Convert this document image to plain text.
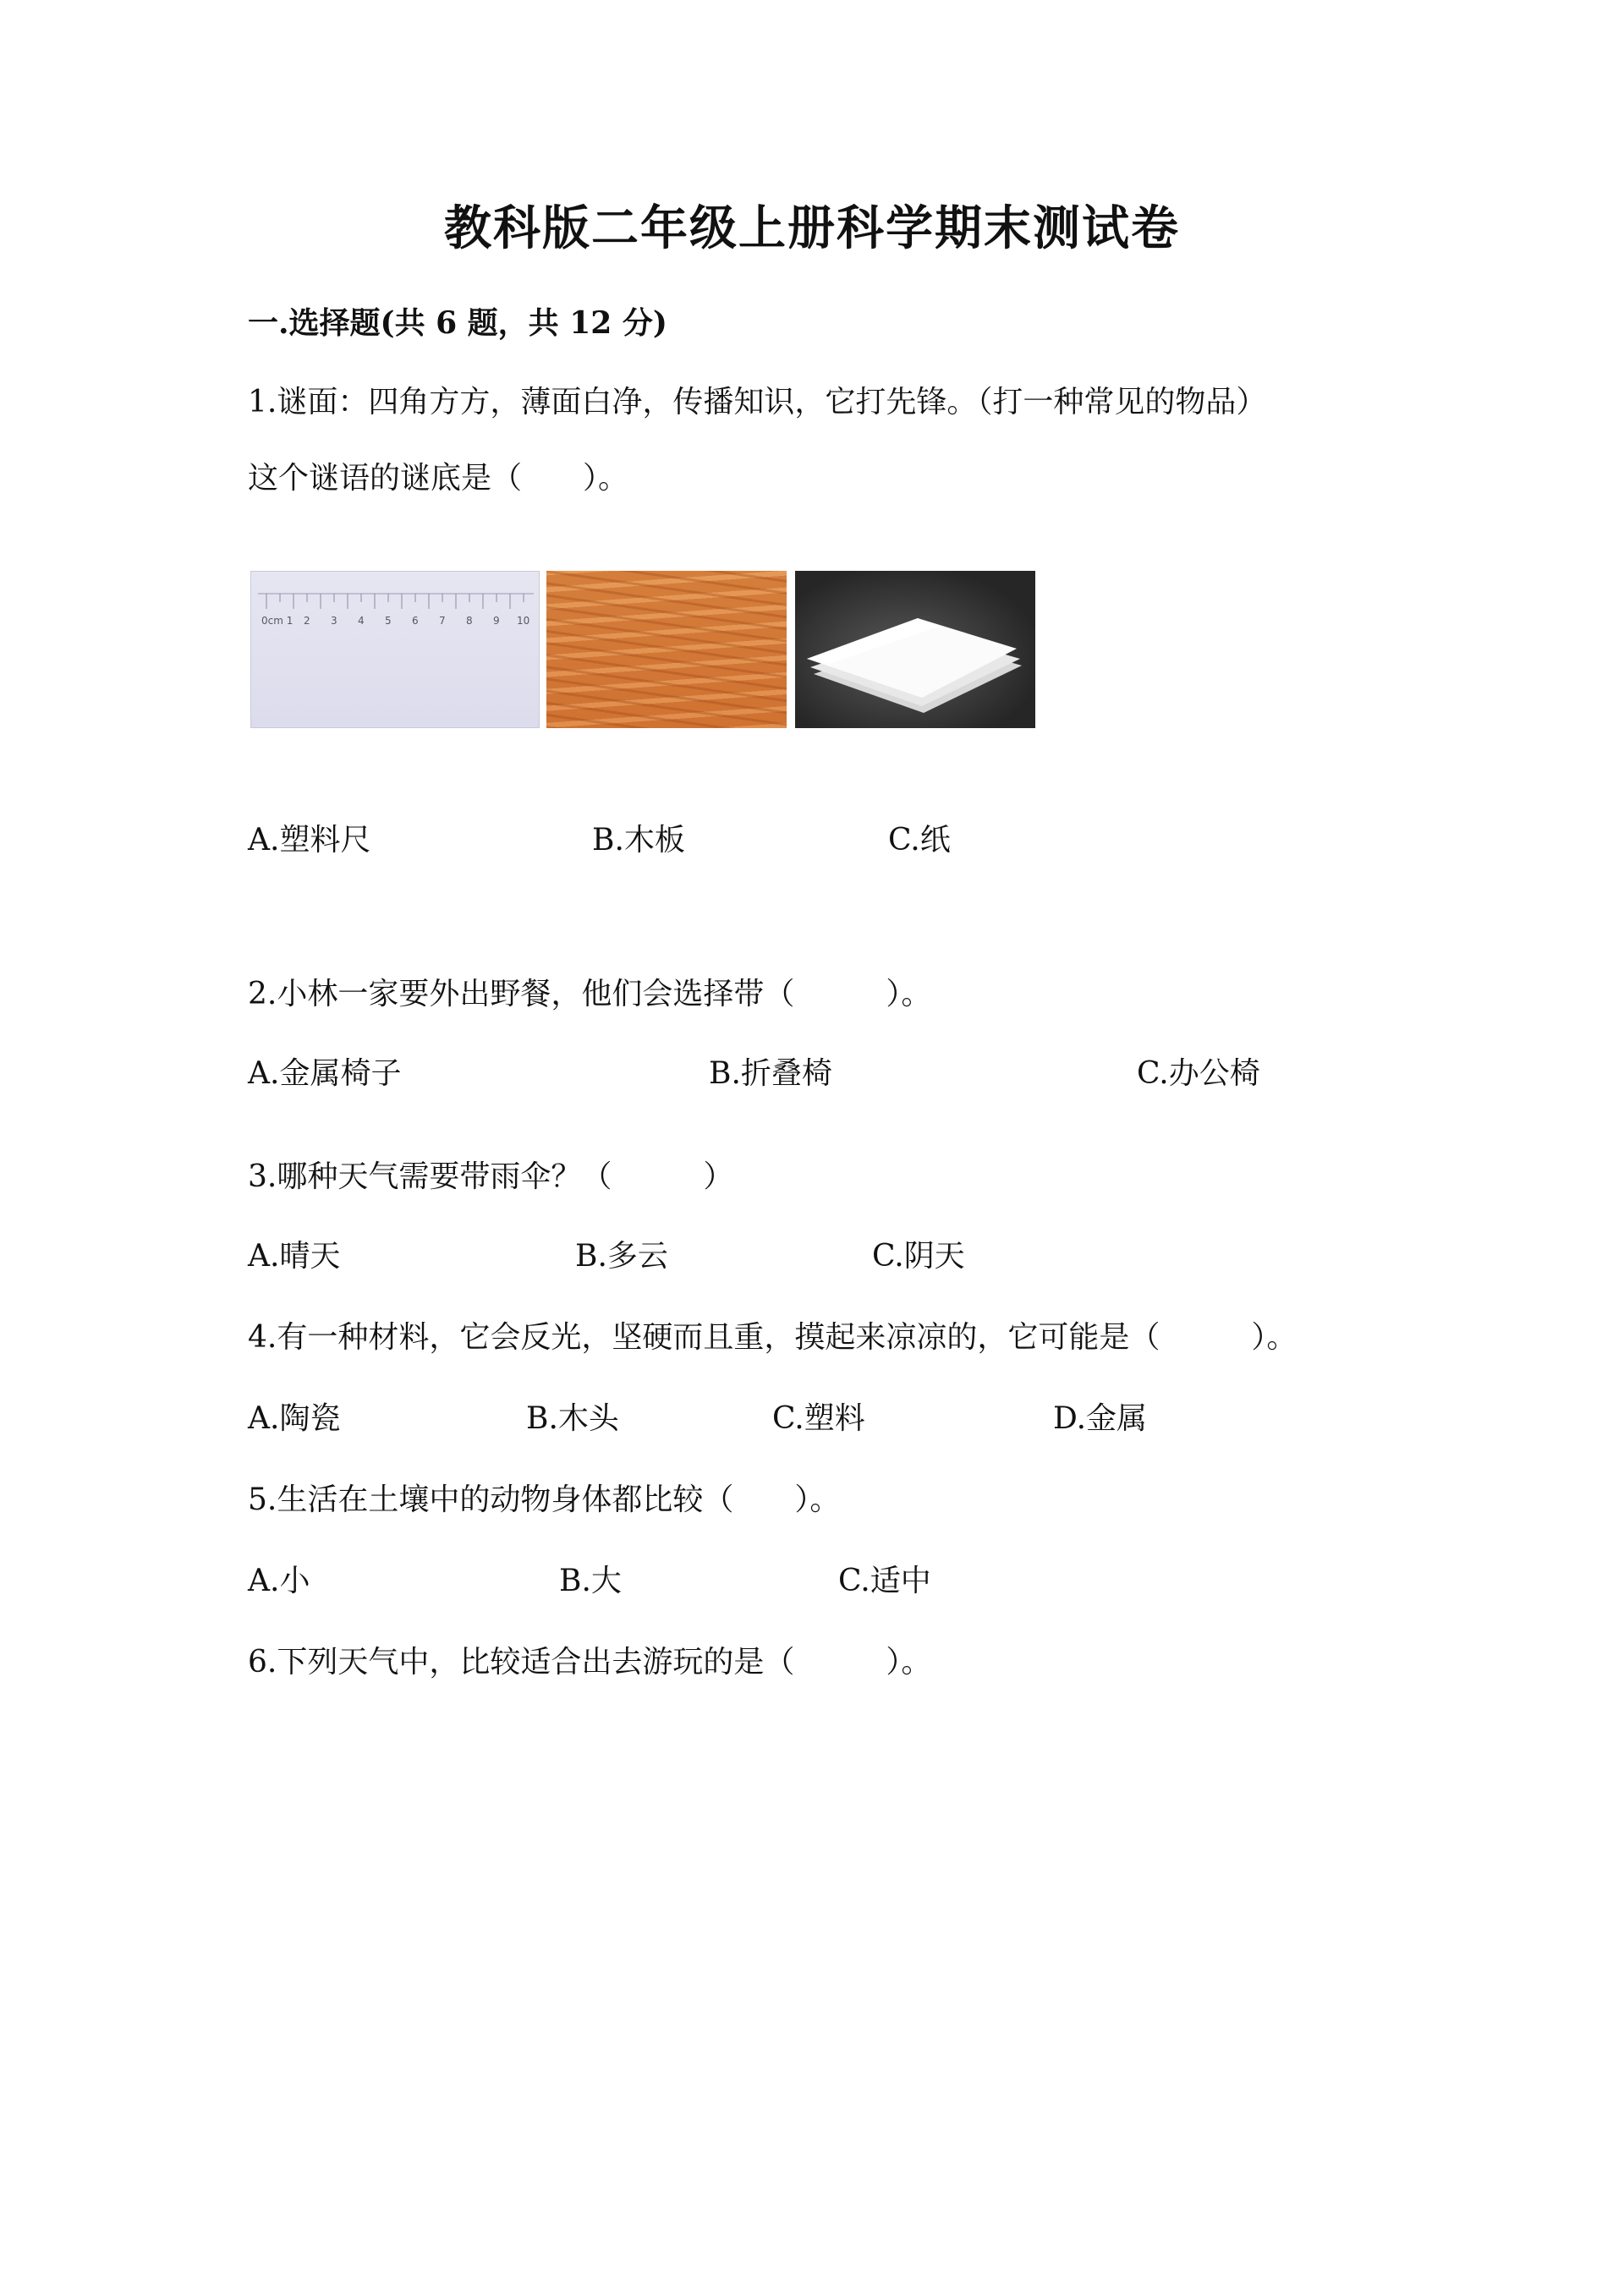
教科版二年级上册科学期末测试卷
一.选择题(共 6 题，共 12 分)
1.谜面：四角方方，薄面白净，传播知识，它打先锋。（打一种常见的物品）
这个谜语的谜底是（　　）。
0cm 1 2 3 4 5 6 7 8 9 10
A.塑料尺	B.木板	C.纸
2.小林一家要外出野餐，他们会选择带（　　　）。
A.金属椅子	B.折叠椅	C.办公椅
3.哪种天气需要带雨伞？（　　　）
A.晴天	B.多云	C.阴天
4.有一种材料，它会反光，坚硬而且重，摸起来凉凉的，它可能是（　　　）。
A.陶瓷	B.木头	C.塑料	D.金属
5.生活在土壤中的动物身体都比较（　　）。
A.小	B.大	C.适中
6.下列天气中，比较适合出去游玩的是（　　　）。
